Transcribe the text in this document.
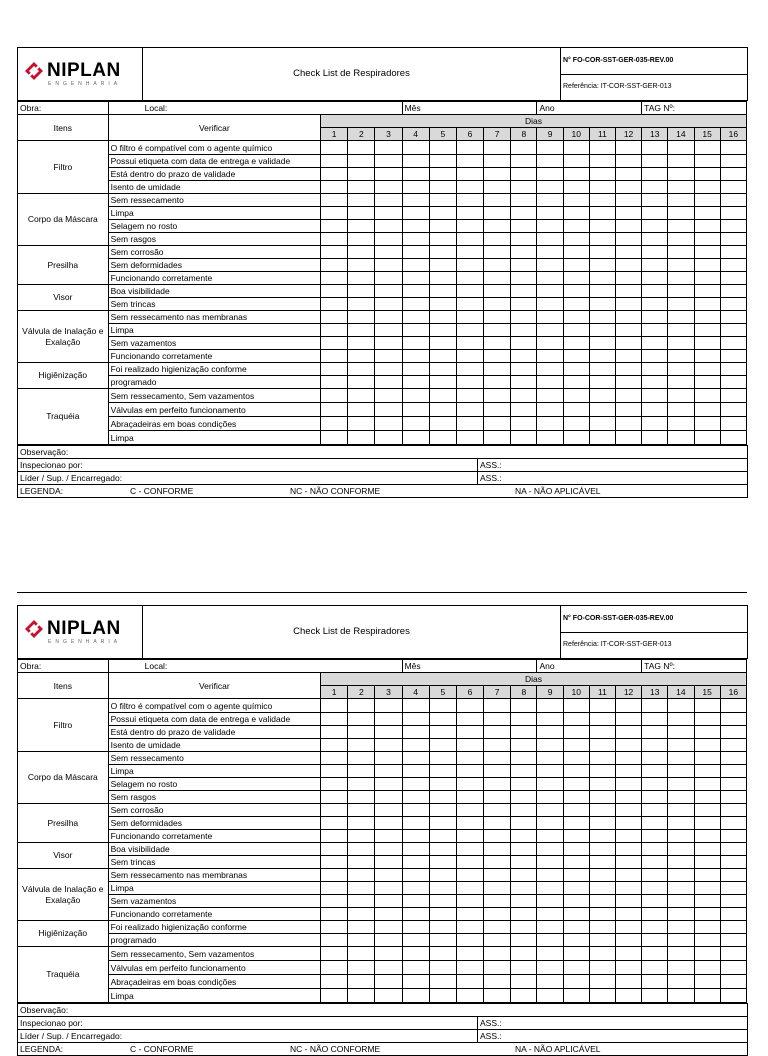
NIPLAN
ENGENHARIA
	Check List de Respiradores	N° FO-COR-SST-GER-035-REV.00
Referência: IT-COR-SST-GER-013
Obra:	Local:				Mês					Ano				TAG Nº:			
Itens	Verificar	Dias															
		1	2	3	4	5	6	7	8	9	10	11	12	13	14	15	16
Filtro	O filtro é compatível com o agente químico																
	Possui etiqueta com data de entrega e validade																
	Está dentro do prazo de validade																
	Isento de umidade																
Corpo da Máscara	Sem ressecamento																
	Limpa																
	Selagem no rosto																
	Sem rasgos																
Presilha	Sem corrosão																
	Sem deformidades																
	Funcionando corretamente																
Visor	Boa visibilidade																
	Sem trincas																
Válvula de Inalação e Exalação	Sem ressecamento nas membranas																
	Limpa																
	Sem vazamentos																
	Funcionando corretamente																
Higiênização	Foi realizado higienização conforme																
	programado																
Traquéia	Sem ressecamento, Sem vazamentos																
	Válvulas em perfeito funcionamento																
	Abraçadeiras em boas condições																
	Limpa																
Observação:	
Inspecionao por:	ASS.:
Líder / Sup. / Encarregado:	ASS.:
LEGENDA: C - CONFORME NC - NÃO CONFORME NA - NÃO APLICÁVEL	
NIPLAN
ENGENHARIA
	Check List de Respiradores	N° FO-COR-SST-GER-035-REV.00
Referência: IT-COR-SST-GER-013
Obra:	Local:				Mês					Ano				TAG Nº:			
Itens	Verificar	Dias															
		1	2	3	4	5	6	7	8	9	10	11	12	13	14	15	16
Filtro	O filtro é compatível com o agente químico																
	Possui etiqueta com data de entrega e validade																
	Está dentro do prazo de validade																
	Isento de umidade																
Corpo da Máscara	Sem ressecamento																
	Limpa																
	Selagem no rosto																
	Sem rasgos																
Presilha	Sem corrosão																
	Sem deformidades																
	Funcionando corretamente																
Visor	Boa visibilidade																
	Sem trincas																
Válvula de Inalação e Exalação	Sem ressecamento nas membranas																
	Limpa																
	Sem vazamentos																
	Funcionando corretamente																
Higiênização	Foi realizado higienização conforme																
	programado																
Traquéia	Sem ressecamento, Sem vazamentos																
	Válvulas em perfeito funcionamento																
	Abraçadeiras em boas condições																
	Limpa																
Observação:	
Inspecionao por:	ASS.:
Líder / Sup. / Encarregado:	ASS.:
LEGENDA: C - CONFORME NC - NÃO CONFORME NA - NÃO APLICÁVEL	
